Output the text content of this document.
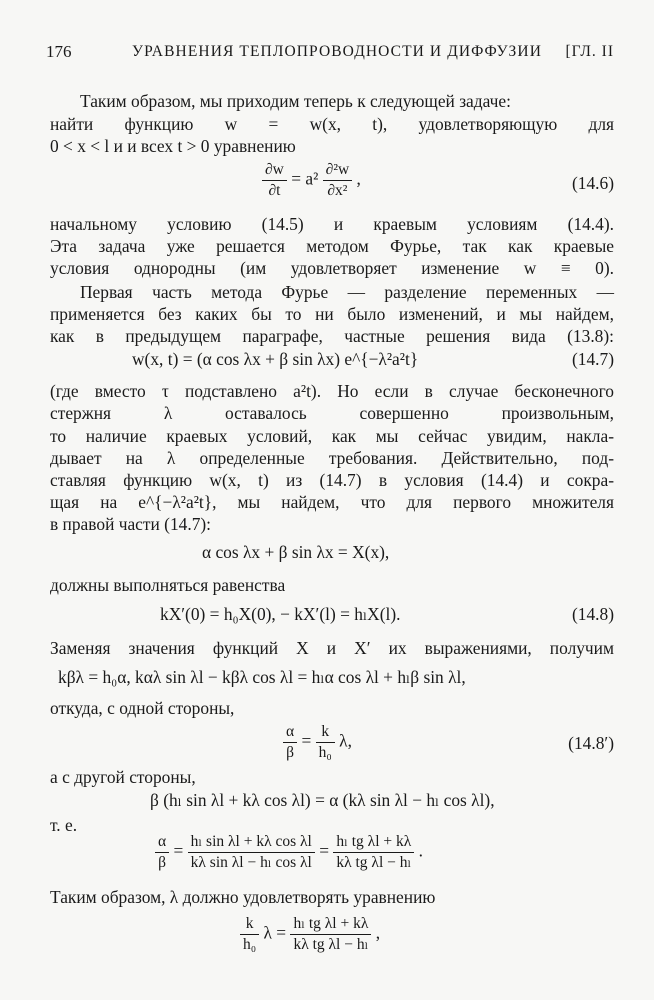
176	УРАВНЕНИЯ ТЕПЛОПРОВОДНОСТИ И ДИФФУЗИИ [ГЛ. II
Таким образом, мы приходим теперь к следующей задаче:
найти функцию w = w(x, t), удовлетворяющую для
0 < x < l и и всех t > 0 уравнению
$\frac{\partial w}{\partial t} = a^2 \frac{\text{∂²w}}{\text{∂x²}}$ ,	(14.6)
начальному условию (14.5) и краевым условиям (14.4).
Эта задача уже решается методом Фурье, так как краевые
условия однородны (им удовлетворяет изменение w ≡ 0).
Первая часть метода Фурье — разделение переменных —
применяется без каких бы то ни было изменений, и мы найдем,
как в предыдущем параграфе, частные решения вида (13.8):
w(x, t) = (α cos λx + β sin λx) e^{−λ²a²t}	(14.7)
(где вместо τ подставлено a²t). Но если в случае бесконечного
стержня λ оставалось совершенно произвольным,
то наличие краевых условий, как мы сейчас увидим, накла-
дывает на λ определенные требования. Действительно, под-
ставляя функцию w(x, t) из (14.7) в условия (14.4) и сокра-
щая на e^{−λ²a²t}, мы найдем, что для первого множителя
в правой части (14.7):
α cos λx + β sin λx = X(x),
должны выполняться равенства
kX′(0) = h₀X(0), − kX′(l) = hₗX(l).	(14.8)
Заменяя значения функций X и X′ их выражениями, получим
kβλ = h₀α, kαλ sin λl − kβλ cos λl = hₗα cos λl + hₗβ sin λl,
откуда, с одной стороны,
$\frac{\alpha}{\beta} = \frac{k}{\text{h₀}} \lambda$,	(14.8′)
а с другой стороны,
β (hₗ sin λl + kλ cos λl) = α (kλ sin λl − hₗ cos λl),
т. е.
$\frac{\alpha}{\beta} = \frac{\text{hₗ sin λl + kλ cos λl}}{\text{kλ sin λl − hₗ cos λl}} = \frac{\text{hₗ tg λl + kλ}}{\text{kλ tg λl − hₗ}}$ .
Таким образом, λ должно удовлетворять уравнению
$\frac{k}{\text{h₀}}$ $\lambda = \frac{\text{hₗ tg λl + kλ}}{\text{kλ tg λl − hₗ}}$ ,
